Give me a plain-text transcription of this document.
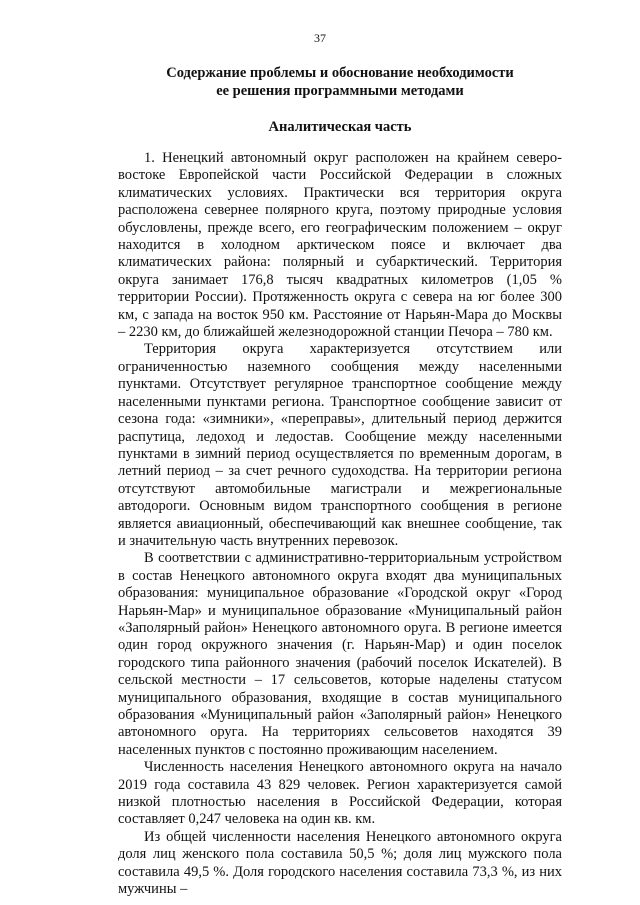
37
Содержание проблемы и обоснование необходимости
ее решения программными методами
Аналитическая часть

1. Ненецкий автономный округ расположен на крайнем северо-востоке Европейской части Российской Федерации в сложных климатических условиях. Практически вся территория округа расположена севернее полярного круга, поэтому природные условия обусловлены, прежде всего, его географическим положением – округ находится в холодном арктическом поясе и включает два климатических района: полярный и субарктический. Территория округа занимает 176,8 тысяч квадратных километров (1,05 % территории России). Протяженность округа с севера на юг более 300 км, с запада на восток 950 км. Расстояние от Нарьян-Мара до Москвы – 2230 км, до ближайшей железнодорожной станции Печора – 780 км.

Территория округа характеризуется отсутствием или ограниченностью наземного сообщения между населенными пунктами. Отсутствует регулярное транспортное сообщение между населенными пунктами региона. Транспортное сообщение зависит от сезона года: «зимники», «переправы», длительный период держится распутица, ледоход и ледостав. Сообщение между населенными пунктами в зимний период осуществляется по временным дорогам, в летний период – за счет речного судоходства. На территории региона отсутствуют автомобильные магистрали и межрегиональные автодороги. Основным видом транспортного сообщения в регионе является авиационный, обеспечивающий как внешнее сообщение, так и значительную часть внутренних перевозок.

В соответствии с административно-территориальным устройством в состав Ненецкого автономного округа входят два муниципальных образования: муниципальное образование «Городской округ «Город Нарьян-Мар» и муниципальное образование «Муниципальный район «Заполярный район» Ненецкого автономного оруга. В регионе имеется один город окружного значения (г. Нарьян-Мар) и один поселок городского типа районного значения (рабочий поселок Искателей). В сельской местности – 17 сельсоветов, которые наделены статусом муниципального образования, входящие в состав муниципального образования «Муниципальный район «Заполярный район» Ненецкого автономного оруга. На территориях сельсоветов находятся 39 населенных пунктов с постоянно проживающим населением.

Численность населения Ненецкого автономного округа на начало 2019 года составила 43 829 человек. Регион характеризуется самой низкой плотностью населения в Российской Федерации, которая составляет 0,247 человека на один кв. км.

Из общей численности населения Ненецкого автономного округа доля лиц женского пола составила 50,5 %; доля лиц мужского пола составила 49,5 %. Доля городского населения составила 73,3 %, из них мужчины –
